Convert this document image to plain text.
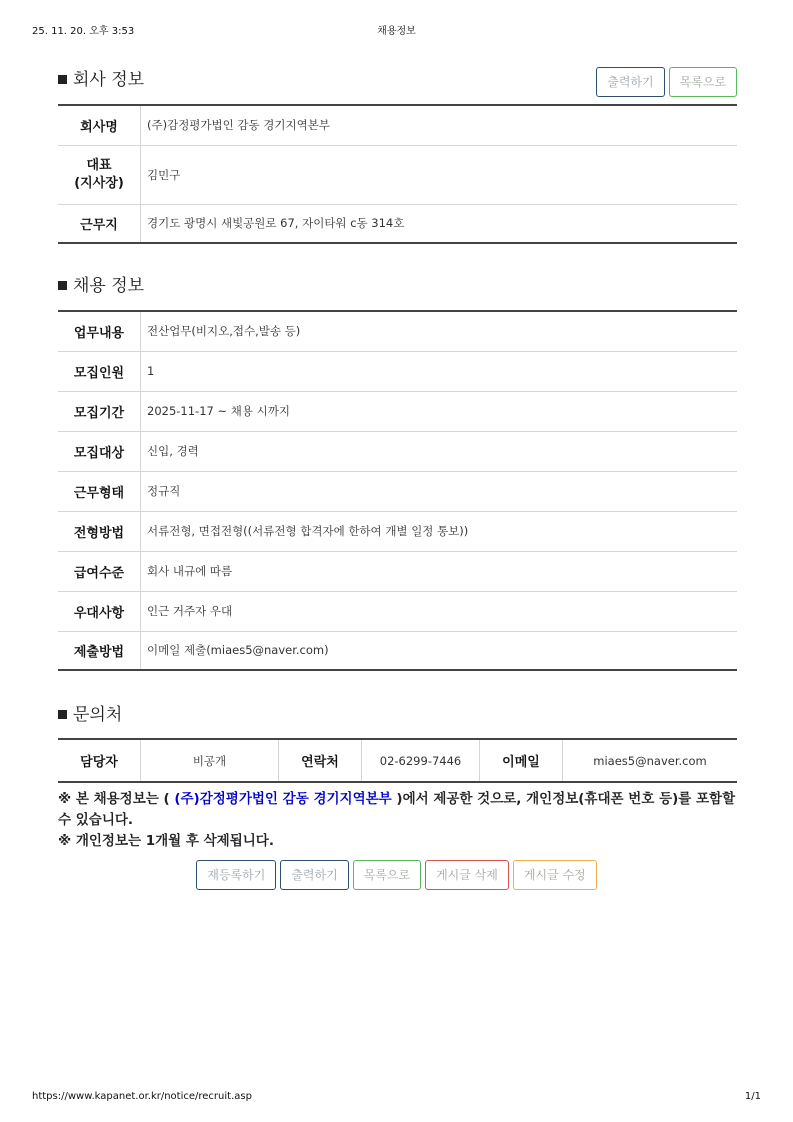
25. 11. 20. 오후 3:53	채용정보
회사 정보	출력하기 목록으로
회사명	(주)감정평가법인 감동 경기지역본부

대표
(지사장)	김민구
근무지	경기도 광명시 새빛공원로 67, 자이타워 c동 314호
채용 정보
업무내용	전산업무(비지오,접수,발송 등)
모집인원	1
모집기간	2025-11-17 ~ 채용 시까지
모집대상	신입, 경력
근무형태	정규직
전형방법	서류전형, 면접전형((서류전형 합격자에 한하여 개별 일정 통보))
급여수준	회사 내규에 따름
우대사항	인근 거주자 우대
제출방법	이메일 제출(miaes5@naver.com)
문의처
담당자	비공개	연락처	02-6299-7446	이메일	miaes5@naver.com
※ 본 채용정보는 ( (주)감정평가법인 감동 경기지역본부 )에서 제공한 것으로, 개인정보(휴대폰 번호 등)를 포함할 수 있습니다.
※ 개인정보는 1개월 후 삭제됩니다.
재등록하기 출력하기 목록으로 게시글 삭제 게시글 수정
https://www.kapanet.or.kr/notice/recruit.asp	1/1
